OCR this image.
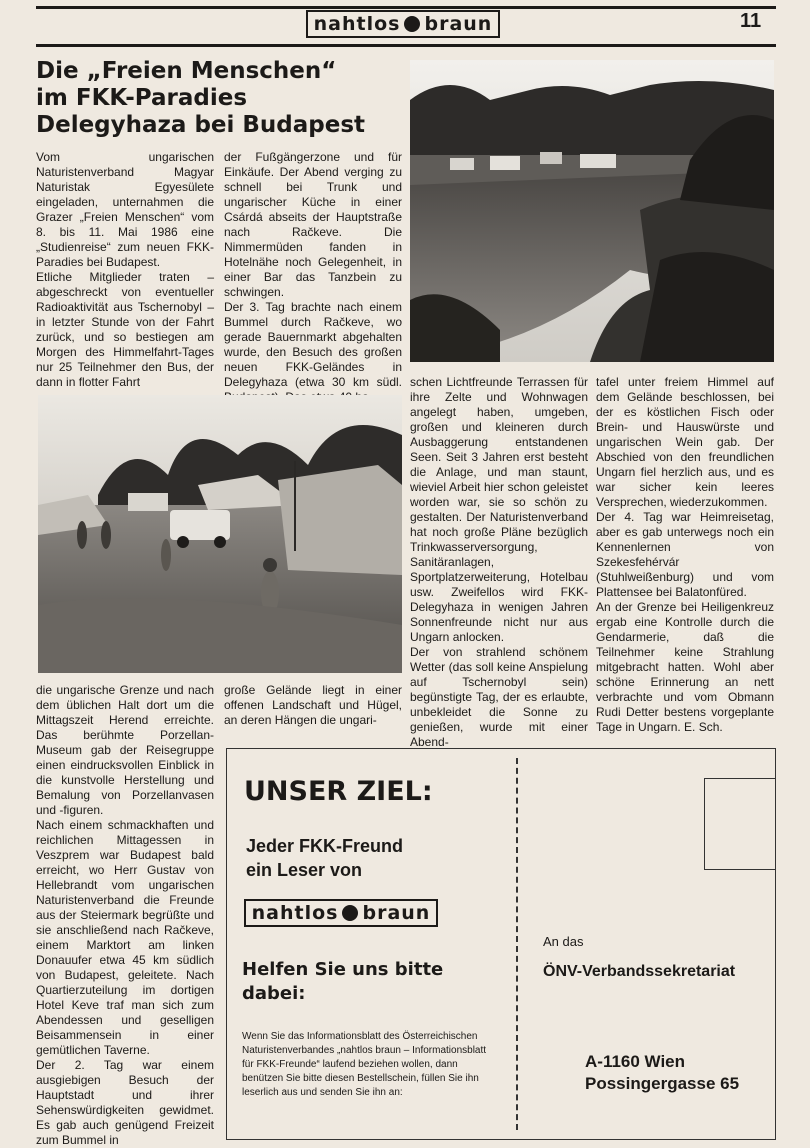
nahtlos braun	11
Die „Freien Menschen“
im FKK-Paradies
Delegyhaza bei Budapest

Vom ungarischen Naturistenverband Magyar Naturistak Egyesülete eingeladen, unternahmen die Grazer „Freien Menschen“ vom 8. bis 11. Mai 1986 eine „Studienreise“ zum neuen FKK-Paradies bei Budapest.

Etliche Mitglieder traten – abgeschreckt von eventueller Radioaktivität aus Tschernobyl – in letzter Stunde von der Fahrt zurück, und so bestiegen am Morgen des Himmelfahrt-Tages nur 25 Teilnehmer den Bus, der dann in flotter Fahrt

der Fußgängerzone und für Einkäufe. Der Abend verging zu schnell bei Trunk und ungarischer Küche in einer Csárdá abseits der Hauptstraße nach Račkeve. Die Nimmermüden fanden in Hotelnähe noch Gelegenheit, in einer Bar das Tanzbein zu schwingen.

Der 3. Tag brachte nach einem Bummel durch Račkeve, wo gerade Bauernmarkt abgehalten wurde, den Besuch des großen neuen FKK-Geländes in Delegyhaza (etwa 30 km südl. schen Lichtfreunde Terrassen für ihre Zelte und Wohnwagen angelegt haben, umgeben, großen und kleineren durch Ausbaggerung entstandenen Seen. Seit 3 Jahren erst besteht die Anlage, und man staunt, wieviel Arbeit hier schon geleistet worden war, sie so schön zu gestalten. Der Naturistenverband hat noch große Pläne bezüglich Trinkwasserversorgung, Sanitäranlagen, Sportplatzerweiterung, Hotelbau usw. Zweifellos wird FKK-Delegyhaza in wenigen Jahren Sonnenfreunde nicht nur aus Ungarn anlocken.

Der von strahlend schönem Wetter (das soll keine Anspielung auf Tschernobyl sein) begünstigte Tag, der es erlaubte, unbekleidet die Sonne zu genießen, wurde mit einer Abend-

tafel unter freiem Himmel auf dem Gelände beschlossen, bei der es köstlichen Fisch oder Brein- und Hauswürste und ungarischen Wein gab. Der Abschied von den freundlichen Ungarn fiel herzlich aus, und es war sicher kein leeres Versprechen, wiederzukommen.

Der 4. Tag war Heimreisetag, aber es gab unterwegs noch ein Kennenlernen von Szekesfehérvár (Stuhlweißenburg) und vom Plattensee bei Balatonfüred.

An der Grenze bei Heiligenkreuz ergab eine Kontrolle durch die Gendarmerie, daß die Teilnehmer keine Strahlung mitgebracht hatten. Wohl aber schöne Erinnerung an nett verbrachte und vom Obmann Rudi Detter bestens vorgeplante Tage in Ungarn. E. Sch.

die ungarische Grenze und nach dem üblichen Halt dort um die Mittagszeit Herend erreichte. Das berühmte Porzellan-Museum gab der Reisegruppe einen eindrucksvollen Einblick in die kunstvolle Herstellung und Bemalung von Porzellanvasen und -figuren.

Nach einem schmackhaften und reichlichen Mittagessen in Veszprem war Budapest bald erreicht, wo Herr Gustav von Hellebrandt vom ungarischen Naturistenverband die Freunde aus der Steiermark begrüßte und sie anschließend nach Račkeve, einem Marktort am linken Donauufer etwa 45 km südlich von Budapest, geleitete. Nach Quartierzuteilung im dortigen Hotel Keve traf man sich zum Abendessen und geselligen Beisammensein in einer gemütlichen Taverne.

Der 2. Tag war einem ausgiebigen Besuch der Hauptstadt und ihrer Sehenswürdigkeiten gewidmet. Es gab auch genügend Freizeit zum Bummel in

große Gelände liegt in einer offenen Landschaft und Hügel, an deren Hängen die ungari-

UNSER ZIEL:
Jeder FKK-Freund
ein Leser von
nahtlos braun

Helfen Sie uns bitte dabei:

Wenn Sie das Informationsblatt des Österreichischen Naturistenverbandes „nahtlos braun – Informationsblatt für FKK-Freunde“ laufend beziehen wollen, dann benützen Sie bitte diesen Bestellschein, füllen Sie ihn leserlich aus und senden Sie ihn an:

An das
ÖNV-Verbandssekretariat
A-1160 Wien
Possingergasse 65
